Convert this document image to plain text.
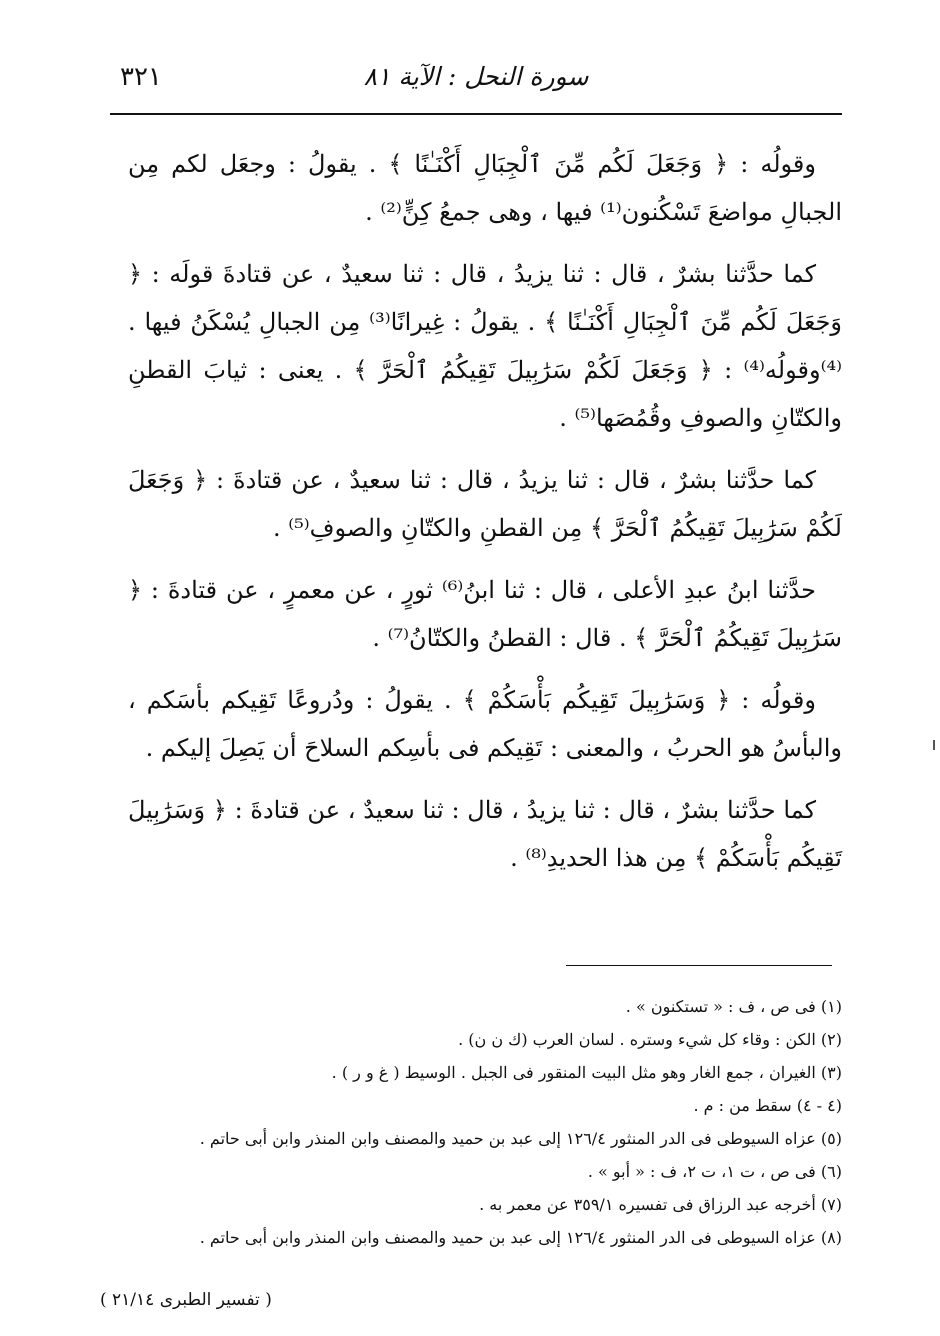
٣٢١	سورة النحل : الآية ٨١

وقولُه : ﴿ وَجَعَلَ لَكُم مِّنَ ٱلْجِبَالِ أَكْنَـٰنًا ﴾ . يقولُ : وجعَل لكم مِن الجبالِ مواضعَ تَسْكُنون⁽¹⁾ فيها ، وهى جمعُ كِنٍّ⁽²⁾ .

كما حدَّثنا بشرٌ ، قال : ثنا يزيدُ ، قال : ثنا سعيدٌ ، عن قتادةَ قولَه : ﴿ وَجَعَلَ لَكُم مِّنَ ٱلْجِبَالِ أَكْنَـٰنًا ﴾ . يقولُ : غِيرانًا⁽³⁾ مِن الجبالِ يُسْكَنُ فيها . ⁽⁴⁾وقولُه⁽⁴⁾ : ﴿ وَجَعَلَ لَكُمْ سَرَٰبِيلَ تَقِيكُمُ ٱلْحَرَّ ﴾ . يعنى : ثيابَ القطنِ والكتّانِ والصوفِ وقُمُصَها⁽⁵⁾ .

كما حدَّثنا بشرٌ ، قال : ثنا يزيدُ ، قال : ثنا سعيدٌ ، عن قتادةَ : ﴿ وَجَعَلَ لَكُمْ سَرَٰبِيلَ تَقِيكُمُ ٱلْحَرَّ ﴾ مِن القطنِ والكتّانِ والصوفِ⁽⁵⁾ .

حدَّثنا ابنُ عبدِ الأعلى ، قال : ثنا ابنُ⁽⁶⁾ ثورٍ ، عن معمرٍ ، عن قتادةَ : ﴿ سَرَٰبِيلَ تَقِيكُمُ ٱلْحَرَّ ﴾ . قال : القطنُ والكتّانُ⁽⁷⁾ .

وقولُه : ﴿ وَسَرَٰبِيلَ تَقِيكُم بَأْسَكُمْ ﴾ . يقولُ : ودُروعًا تَقِيكم بأسَكم ، والبأسُ هو الحربُ ، والمعنى : تَقِيكم فى بأسِكم السلاحَ أن يَصِلَ إليكم .

كما حدَّثنا بشرٌ ، قال : ثنا يزيدُ ، قال : ثنا سعيدٌ ، عن قتادةَ : ﴿ وَسَرَٰبِيلَ تَقِيكُم بَأْسَكُمْ ﴾ مِن هذا الحديدِ⁽⁸⁾ .

(١) فى ص ، ف : « تستكنون » .

(٢) الكن : وقاء كل شيء وستره . لسان العرب (ك ن ن) .

(٣) الغيران ، جمع الغار وهو مثل البيت المنقور فى الجبل . الوسيط ( غ و ر ) .

(٤ - ٤) سقط من : م .

(٥) عزاه السيوطى فى الدر المنثور ١٢٦/٤ إلى عبد بن حميد والمصنف وابن المنذر وابن أبى حاتم .

(٦) فى ص ، ت ١، ت ٢، ف : « أبو » .

(٧) أخرجه عبد الرزاق فى تفسيره ٣٥٩/١ عن معمر به .

(٨) عزاه السيوطى فى الدر المنثور ١٢٦/٤ إلى عبد بن حميد والمصنف وابن المنذر وابن أبى حاتم .

( تفسير الطبرى ٢١/١٤ )
